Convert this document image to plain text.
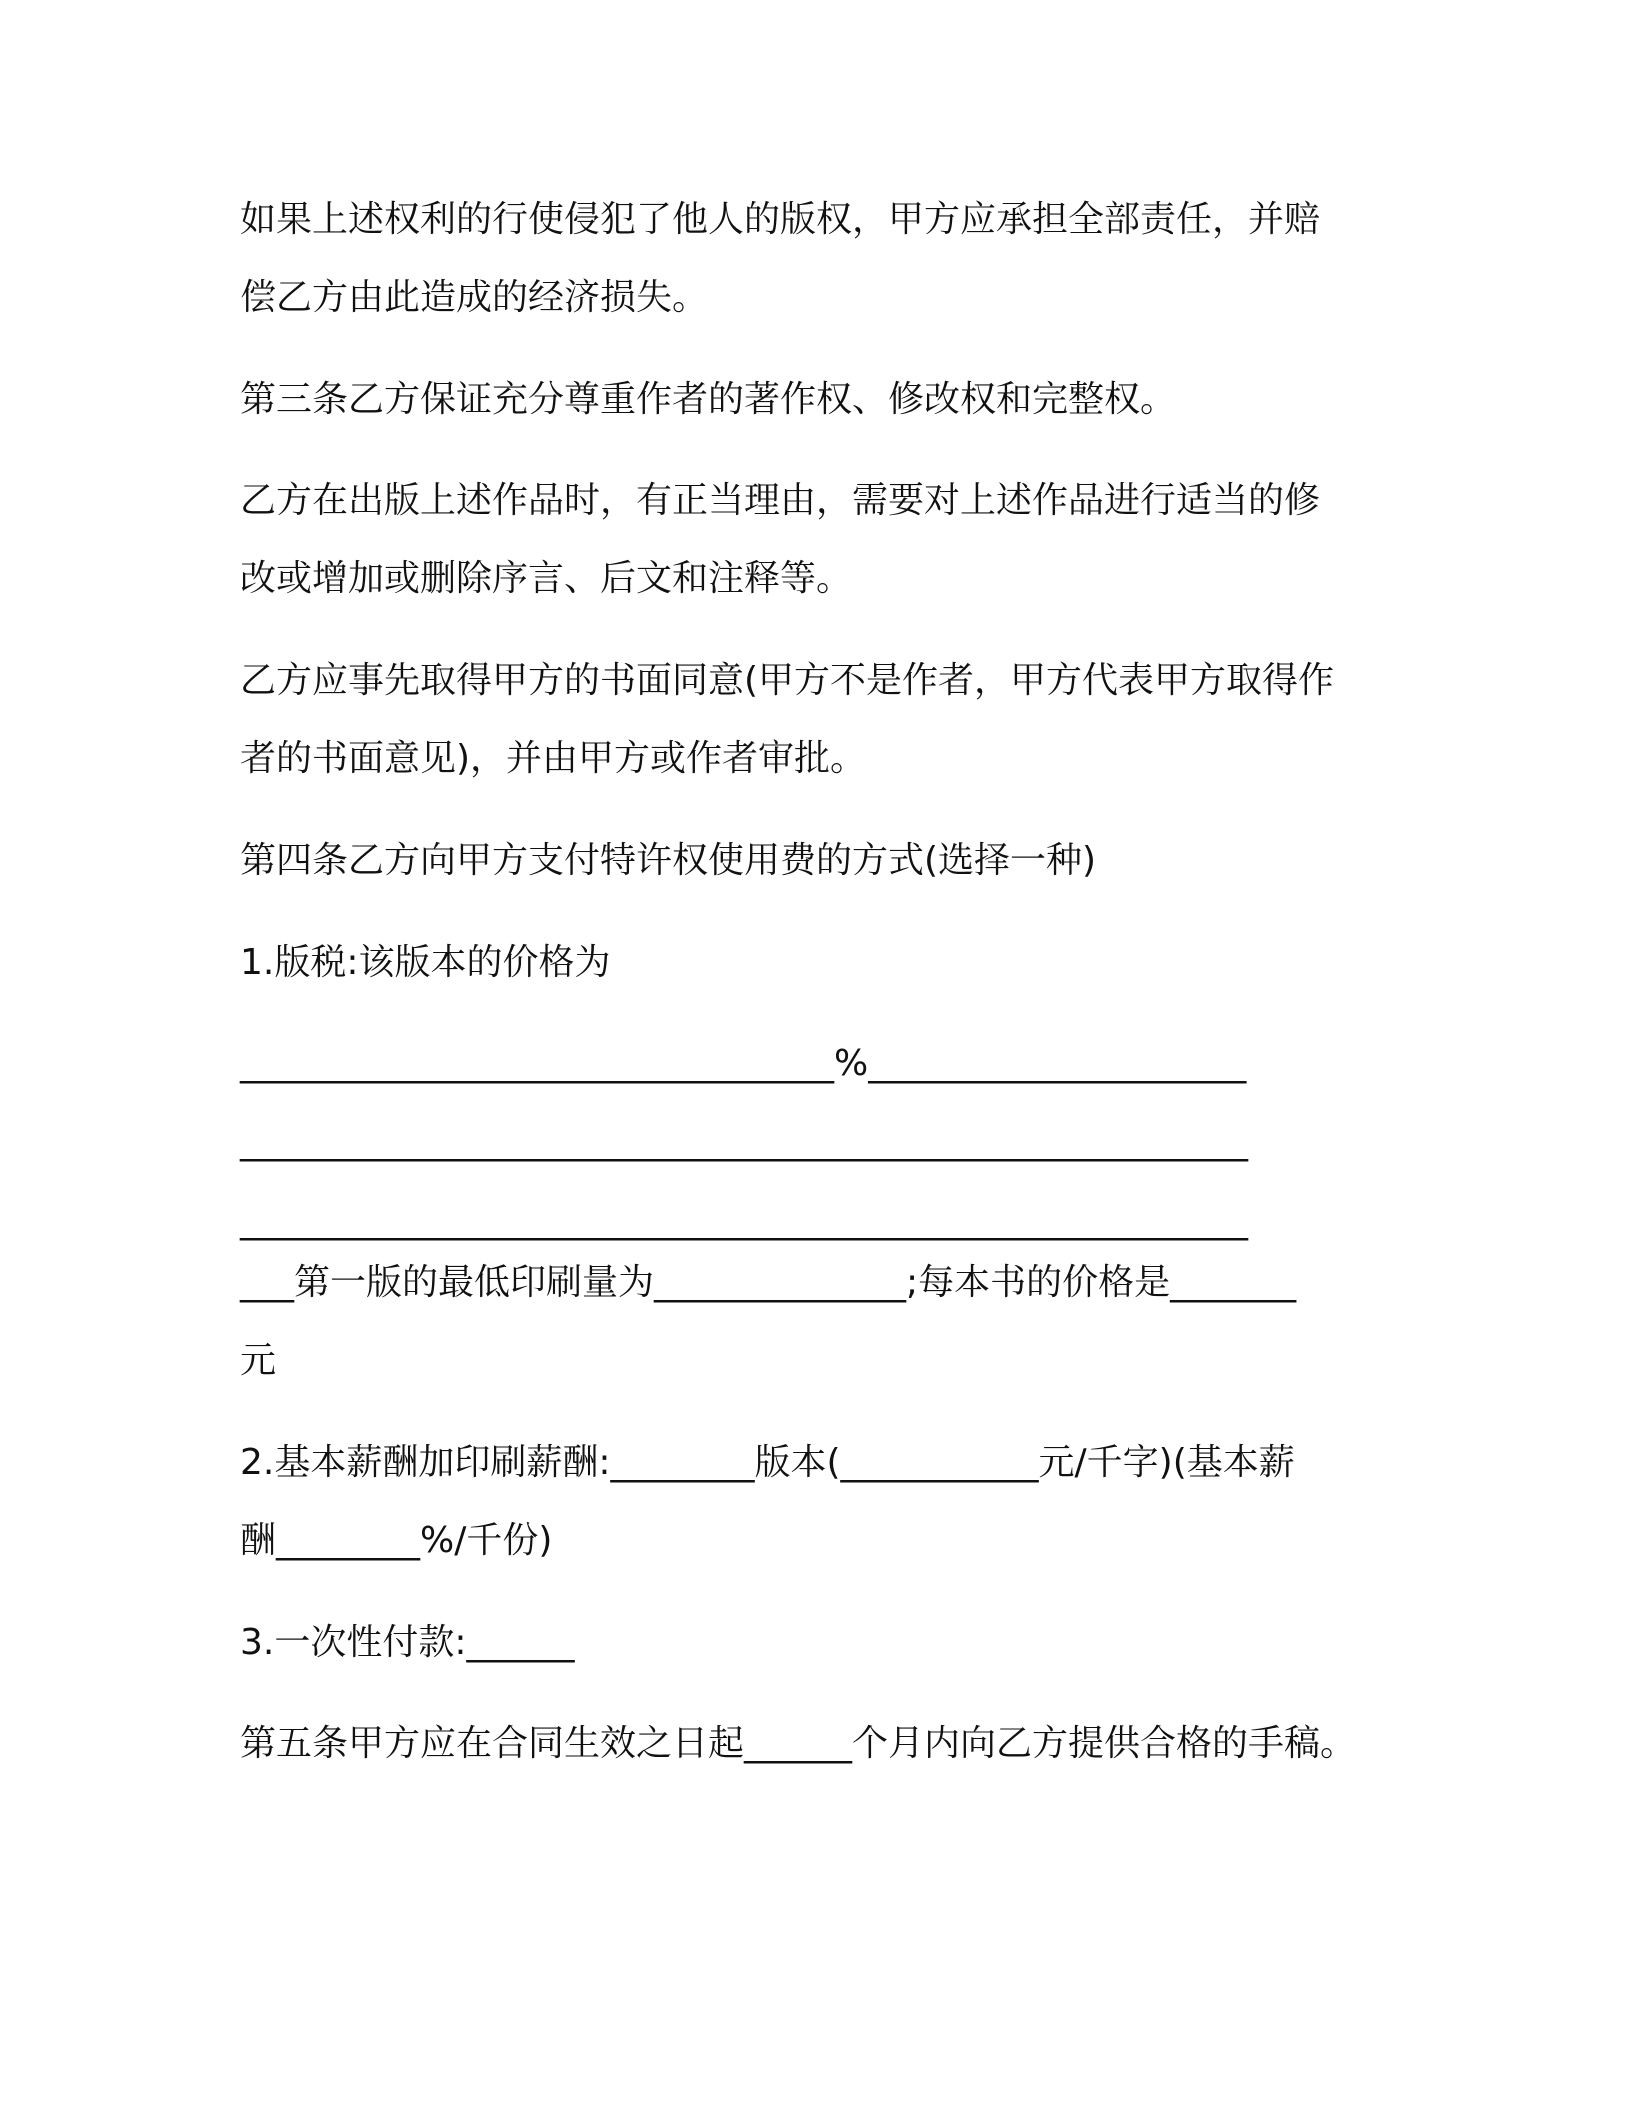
如果上述权利的行使侵犯了他人的版权，甲方应承担全部责任，并赔
偿乙方由此造成的经济损失。
第三条乙方保证充分尊重作者的著作权、修改权和完整权。
乙方在出版上述作品时，有正当理由，需要对上述作品进行适当的修
改或增加或删除序言、后文和注释等。
乙方应事先取得甲方的书面同意(甲方不是作者，甲方代表甲方取得作
者的书面意见)，并由甲方或作者审批。
第四条乙方向甲方支付特许权使用费的方式(选择一种)
1.版税:该版本的价格为
_________________________________%_____________________
________________________________________________________
________________________________________________________
___第一版的最低印刷量为______________;每本书的价格是_______
元
2.基本薪酬加印刷薪酬:________版本(___________元/千字)(基本薪
酬________%/千份)
3.一次性付款:______
第五条甲方应在合同生效之日起______个月内向乙方提供合格的手稿。
